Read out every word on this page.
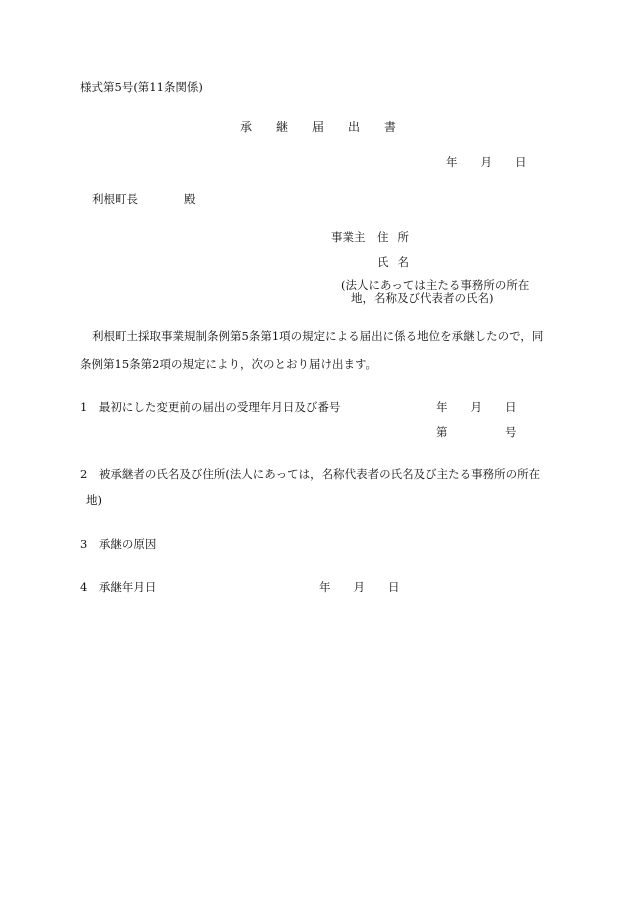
様式第5号(第11条関係)
承継届出書
年　　月　　日
利根町長　　　　殿
事業主 住所
氏名
(法人にあっては主たる事務所の所在
地，名称及び代表者の氏名)
利根町土採取事業規制条例第5条第1項の規定による届出に係る地位を承継したので，同
条例第15条第2項の規定により，次のとおり届け出ます。
1　最初にした変更前の届出の受理年月日及び番号	年　　月　　日
第　　　　　号
2　被承継者の氏名及び住所(法人にあっては，名称代表者の氏名及び主たる事務所の所在
地)
3　承継の原因
4　承継年月日	年　　月　　日
